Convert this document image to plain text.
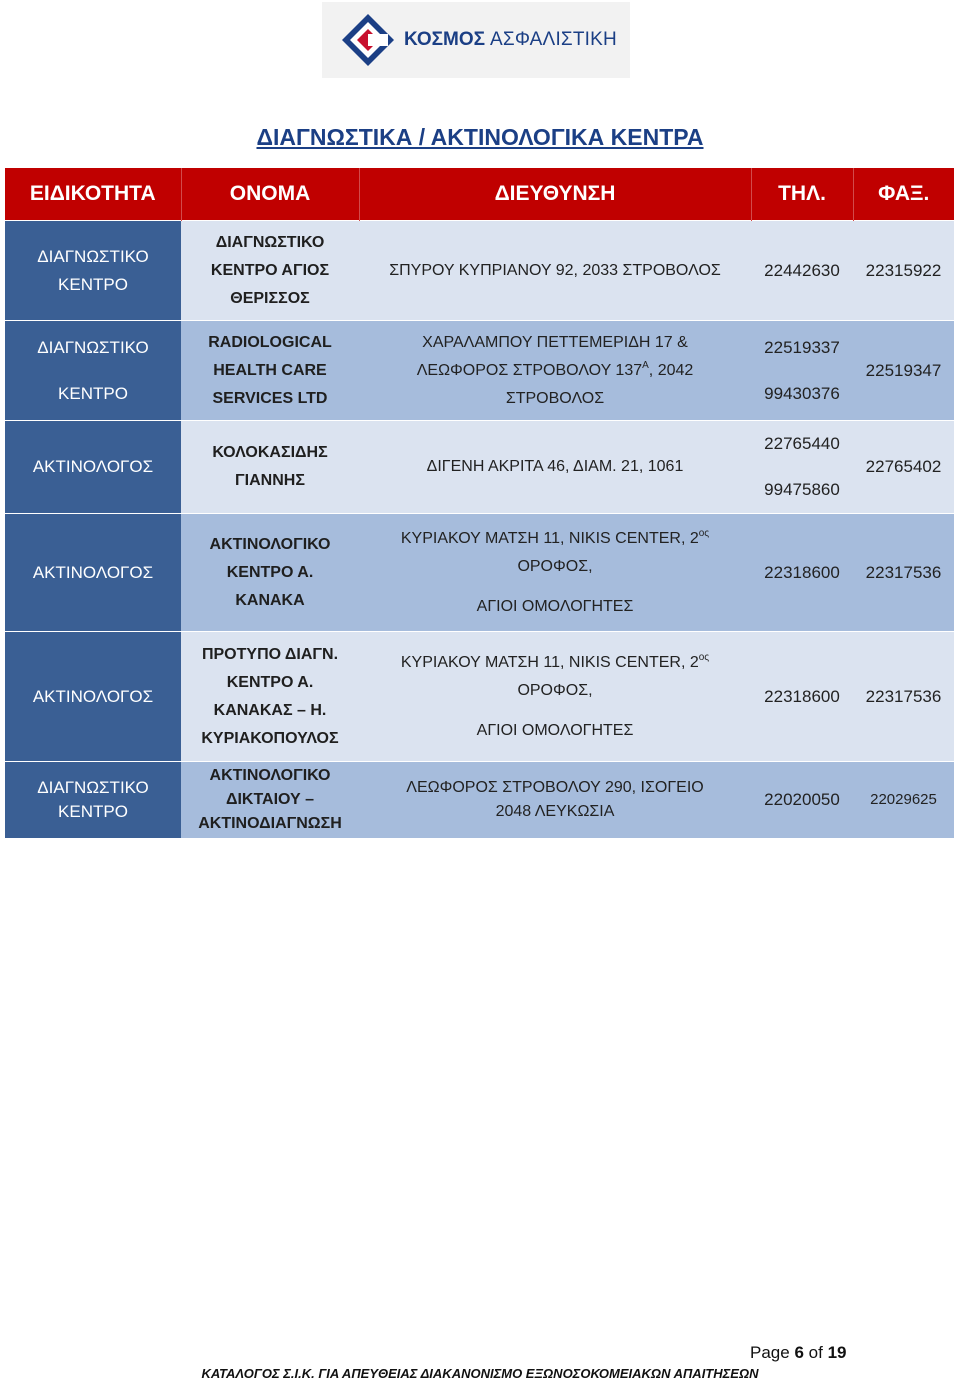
ΚΟΣΜΟΣ ΑΣΦΑΛΙΣΤΙΚΗ
ΔΙΑΓΝΩΣΤΙΚΑ / ΑΚΤΙΝΟΛΟΓΙΚΑ ΚΕΝΤΡΑ
ΕΙΔΙΚΟΤΗΤΑ	ΟΝΟΜΑ	ΔΙΕΥΘΥΝΣΗ	ΤΗΛ.	ΦΑΞ.

ΔΙΑΓΝΩΣΤΙΚΟ
ΚΕΝΤΡΟ	ΔΙΑΓΝΩΣΤΙΚΟ
ΚΕΝΤΡΟ ΑΓΙΟΣ
ΘΕΡΙΣΣΟΣ	ΣΠΥΡΟΥ ΚΥΠΡΙΑΝΟΥ 92, 2033 ΣΤΡΟΒΟΛΟΣ	22442630	22315922

ΔΙΑΓΝΩΣΤΙΚΟ
ΚΕΝΤΡΟ	RADIOLOGICAL
HEALTH CARE
SERVICES LTD	ΧΑΡΑΛΑΜΠΟΥ ΠΕΤΤΕΜΕΡΙΔΗ 17 &
ΛΕΩΦΟΡΟΣ ΣΤΡΟΒΟΛΟΥ $137^A$, 2042
ΣΤΡΟΒΟΛΟΣ	22519337
99430376	22519347

ΑΚΤΙΝΟΛΟΓΟΣ	ΚΟΛΟΚΑΣΙΔΗΣ
ΓΙΑΝΝΗΣ	ΔΙΓΕΝΗ ΑΚΡΙΤΑ 46, ΔΙΑΜ. 21, 1061	22765440
99475860	22765402

ΑΚΤΙΝΟΛΟΓΟΣ	ΑΚΤΙΝΟΛΟΓΙΚΟ
ΚΕΝΤΡΟ Α.
ΚΑΝΑΚΑ	ΚΥΡΙΑΚΟΥ ΜΑΤΣΗ 11, NIKIS CENTER, $2^{o\varsigma}$
ΟΡΟΦΟΣ,
ΑΓΙΟΙ ΟΜΟΛΟΓΗΤΕΣ	22318600	22317536

ΑΚΤΙΝΟΛΟΓΟΣ	ΠΡΟΤΥΠΟ ΔΙΑΓΝ.
ΚΕΝΤΡΟ Α.
ΚΑΝΑΚΑΣ – Η.
ΚΥΡΙΑΚΟΠΟΥΛΟΣ	ΚΥΡΙΑΚΟΥ ΜΑΤΣΗ 11, NIKIS CENTER, $2^{o\varsigma}$
ΟΡΟΦΟΣ,
ΑΓΙΟΙ ΟΜΟΛΟΓΗΤΕΣ	22318600	22317536

ΔΙΑΓΝΩΣΤΙΚΟ
ΚΕΝΤΡΟ	ΑΚΤΙΝΟΛΟΓΙΚΟ
ΔΙΚΤΑΙΟΥ –
ΑΚΤΙΝΟΔΙΑΓΝΩΣΗ	ΛΕΩΦΟΡΟΣ ΣΤΡΟΒΟΛΟΥ 290, ΙΣΟΓΕΙΟ
2048 ΛΕΥΚΩΣΙΑ	22020050	22029625
Page 6 of 19
ΚΑΤΑΛΟΓΟΣ Σ.Ι.Κ. ΓΙΑ ΑΠΕΥΘΕΙΑΣ ΔΙΑΚΑΝΟΝΙΣΜΟ ΕΞΩΝΟΣΟΚΟΜΕΙΑΚΩΝ ΑΠΑΙΤΗΣΕΩΝ
